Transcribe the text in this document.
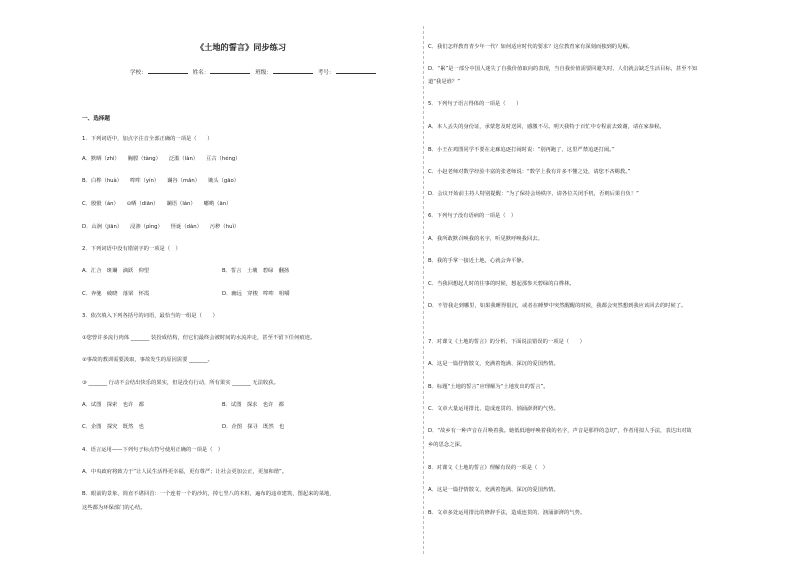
《土地的誓言》同步练习
学校：	姓名：	班级：	考号：
一、选择题
1．下列词语中，加点字注音全部正确的一项是（　　）
A．默晒（zhì）　　胸膛（tàng）　　泛滥（làn）　　亘古（héng）
B．白桦（huà）　　哞哞（yín）　　谰谷（mǎn）　　锄头（gāo）
C．骰骰（án）　　⊙晒（diān）　　谰语（lán）　　嘟哟（ān）
D．山涧（jiān）　　浸渗（pìng）　　怪诞（dàn）　　污秽（huì）
2．下列词语中没有错别字的一项是（　）
A．汇合　斑斓　滴跃　仰望	B．誓言　土壤　碧绿　翻扬
C．奔驰　破晓　落梁　怀霞	D．幽远　穿梭　哞哞　咀嚼
3．依次填入下列各括号的词语，最恰当的一组是（　　）
①您曾许多流行肉体 _______ 装扮成结构，但它们最终会被时间的水流冲走，甚至不留下任何痕迹。
②事故的教训需要汲取，事故发生的原因需要 _______。
③ _______ 行动不会结出快乐的果实，但是没有行动，所有果实 _______ 无法收获。
A．试图　探索　也许　都	B．试图　探求　也许　都
C．企图　探究　既然　也	D．企图　探寻　既然　也
4．语言运用——下列句子标点符号使用正确的一项是（　）
A．中央政府将致力于“让人民生活得更幸福，更有尊严；让社会更加公正，更加和谐”。
B．眼前的景象，简直不堪回首：一个连着一个的沙坑，掉七竖八的木桩，遍布的违章建筑，图起来的菜地，
这些都为环保部门的心结。
C．我们怎样教育青少年一代？如何适应时代的要求？这位教育家有深刻而独到的见解。
D．“累”是一部分中国人迷失了自我价值取向的表现，当自我价值需要回避失时，人们就会缺乏生活目标，甚至不知
道“我是谁？”
5．下列句子语言得体的一项是（　　）
A．本人丢失的身份证，承蒙您及时送回，感激不尽。明天我特于百忙中专程前去致谢，请在家恭候。
B．小王在鸡图同学不要在走廊追逐打闹时说：“别再跑了，这里严禁追逐打闹。”
C．小赵老师对数学经验丰富的张老师说：“数学上我有许多不懂之处，请您不吝赐教。”
D．会议开始前主持人特别提醒：“为了保持会场秩序，请各位关闭手机，否则后果自负！”
6．下列句子没有语病的一项是（　）
A．我所敢默召唤我的名字，听见默呼唤我回去。
B．我的手掌一接近土地，心就会奔平静。
C．当我回想起儿时的往事的时候，想起那参天碧绿的白桦林。
D．不管我走到哪里，如果我睡得很沉，或者在睡梦中突然醒醒的时候，我都会突然想到我应该回去的时候了。
7．对课文《土地的誓言》的分析，下面说法错误的一项是（　　）
A．这是一篇抒情散文，充满着饱满、深沉的爱国热情。
B．标题“土地的誓言”应理解为“土地发出的誓言”。
C．文章大量运用排比，造成连贯的、汹涌澎湃的气势。
D．“故乡有一种声音在召唤着我。她低低地呼唤着我的名字，声音是那样的急切”，作者用拟人手法，表达出对故
乡的思念之深。
8．对课文《土地的誓言》理解有误的一项是（　）
A．这是一篇抒情散文，充满着饱满、深沉的爱国热情。
B．文章多处运用排比的修辞手法，造成连贯的、汹涌澎湃的气势。
